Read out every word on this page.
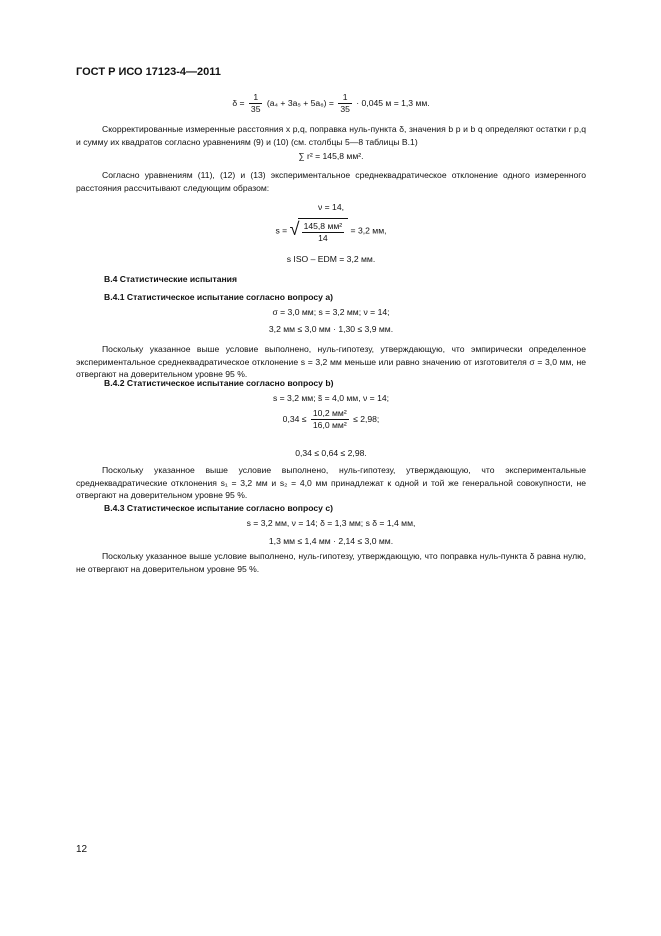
ГОСТ Р ИСО 17123-4—2011
$\delta = \frac{1}{35} (a_4 + 3a_5 + 5a_6) = \frac{1}{35} \cdot 0,045$ м = 1,3 мм.
Скорректированные измеренные расстояния x p,q, поправка нуль-пункта δ, значения b p и b q определяют остатки r p,q и сумму их квадратов согласно уравнениям (9) и (10) (см. столбцы 5—8 таблицы В.1)
∑ r² = 145,8 мм².
Согласно уравнениям (11), (12) и (13) экспериментальное среднеквадратическое отклонение одного измеренного расстояния рассчитывают следующим образом:
ν = 14,
s = √ $\frac{\text{145,8 мм²}}{14} = 3,2$ мм,
s ISO – EDM = 3,2 мм.
В.4 Статистические испытания
В.4.1 Статистическое испытание согласно вопросу а)
σ = 3,0 мм; s = 3,2 мм; ν = 14;
3,2 мм ≤ 3,0 мм · 1,30 ≤ 3,9 мм.
Поскольку указанное выше условие выполнено, нуль-гипотезу, утверждающую, что эмпирически определенное экспериментальное среднеквадратическое отклонение s = 3,2 мм меньше или равно значению от изготовителя σ = 3,0 мм, не отвергают на доверительном уровне 95 %.
В.4.2 Статистическое испытание согласно вопросу b)
s = 3,2 мм; s̃ = 4,0 мм, ν = 14;
$0,34 \le \frac{\text{10,2 мм²}}{\text{16,0 мм²}} \le 2,98$;
0,34 ≤ 0,64 ≤ 2,98.
Поскольку указанное выше условие выполнено, нуль-гипотезу, утверждающую, что экспериментальные среднеквадратические отклонения s₁ = 3,2 мм и s₂ = 4,0 мм принадлежат к одной и той же генеральной совокупности, не отвергают на доверительном уровне 95 %.
В.4.3 Статистическое испытание согласно вопросу с)
s = 3,2 мм, ν = 14; δ = 1,3 мм; s δ = 1,4 мм,
1,3 мм ≤ 1,4 мм · 2,14 ≤ 3,0 мм.
Поскольку указанное выше условие выполнено, нуль-гипотезу, утверждающую, что поправка нуль-пункта δ равна нулю, не отвергают на доверительном уровне 95 %.
12
